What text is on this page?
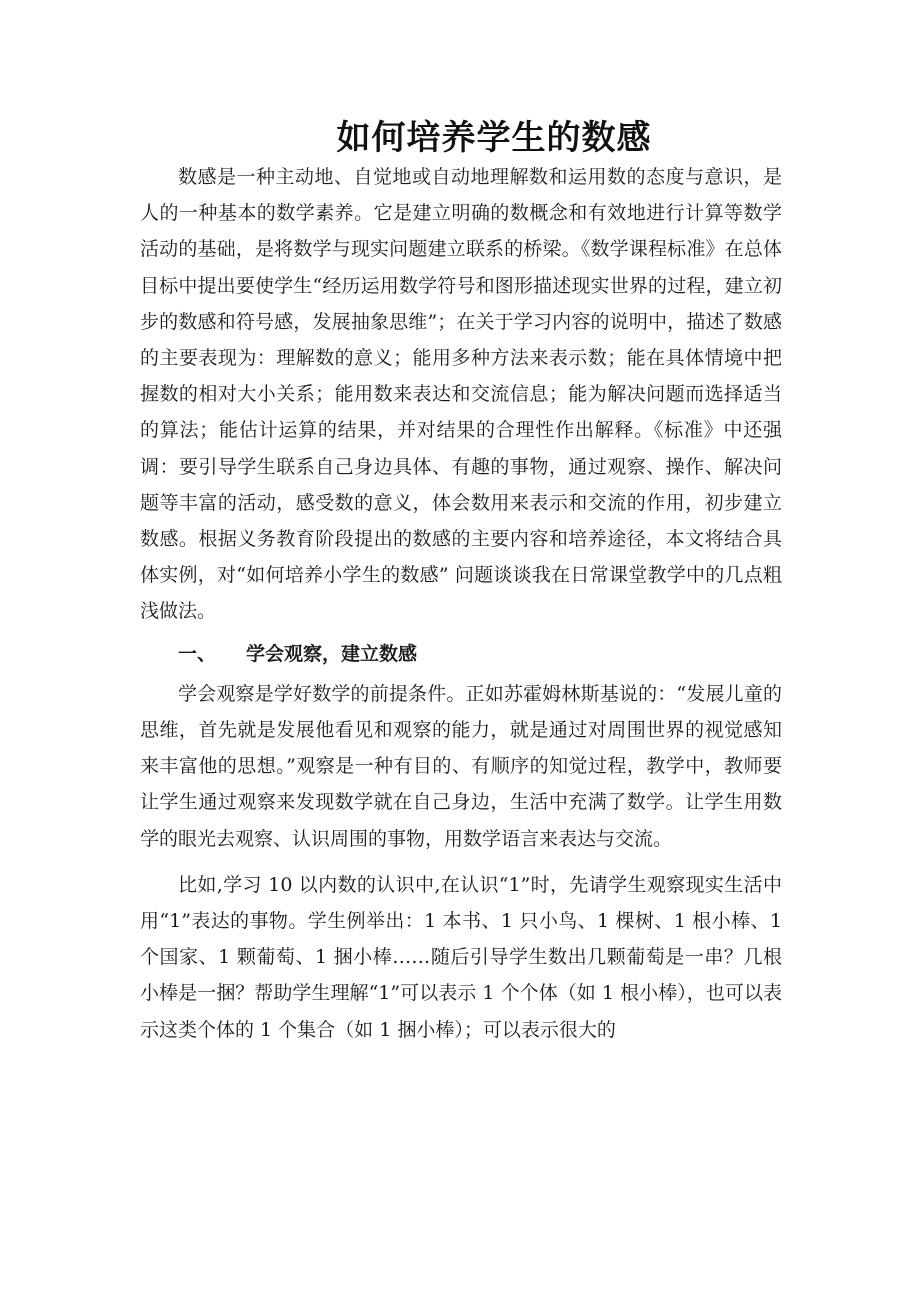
如何培养学生的数感

数感是一种主动地、自觉地或自动地理解数和运用数的态度与意识，是人的一种基本的数学素养。它是建立明确的数概念和有效地进行计算等数学活动的基础，是将数学与现实问题建立联系的桥梁。《数学课程标准》在总体目标中提出要使学生“经历运用数学符号和图形描述现实世界的过程，建立初步的数感和符号感，发展抽象思维”；在关于学习内容的说明中，描述了数感的主要表现为：理解数的意义；能用多种方法来表示数；能在具体情境中把握数的相对大小关系；能用数来表达和交流信息；能为解决问题而选择适当的算法；能估计运算的结果，并对结果的合理性作出解释。《标准》中还强调：要引导学生联系自己身边具体、有趣的事物，通过观察、操作、解决问题等丰富的活动，感受数的意义，体会数用来表示和交流的作用，初步建立数感。根据义务教育阶段提出的数感的主要内容和培养途径，本文将结合具体实例，对“如何培养小学生的数感” 问题谈谈我在日常课堂教学中的几点粗浅做法。

一、	学会观察，建立数感

学会观察是学好数学的前提条件。正如苏霍姆林斯基说的：“发展儿童的思维，首先就是发展他看见和观察的能力，就是通过对周围世界的视觉感知来丰富他的思想。”观察是一种有目的、有顺序的知觉过程，教学中，教师要让学生通过观察来发现数学就在自己身边，生活中充满了数学。让学生用数学的眼光去观察、认识周围的事物，用数学语言来表达与交流。

比如,学习 10 以内数的认识中,在认识“1”时，先请学生观察现实生活中用“1”表达的事物。学生例举出：1 本书、1 只小鸟、1 棵树、1 根小棒、1 个国家、1 颗葡萄、1 捆小棒……随后引导学生数出几颗葡萄是一串？几根小棒是一捆？帮助学生理解“1”可以表示 1 个个体（如 1 根小棒），也可以表示这类个体的 1 个集合（如 1 捆小棒）；可以表示很大的
